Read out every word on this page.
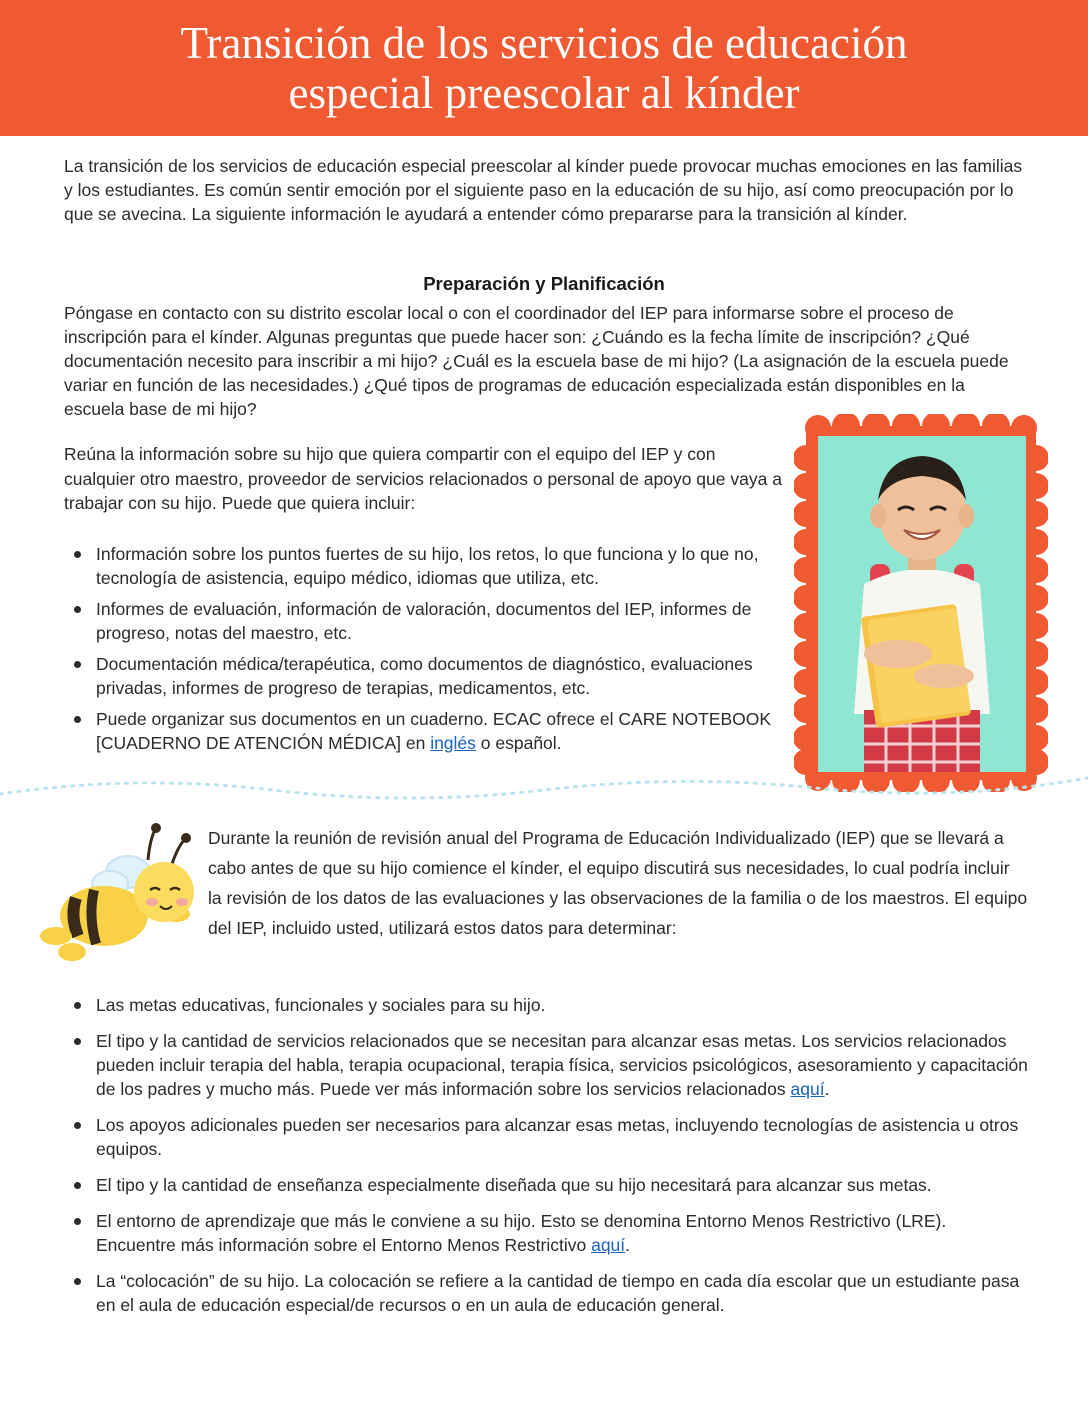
Transición de los servicios de educación
especial preescolar al kínder

La transición de los servicios de educación especial preescolar al kínder puede provocar muchas emociones en las familias y los estudiantes. Es común sentir emoción por el siguiente paso en la educación de su hijo, así como preocupación por lo que se avecina. La siguiente información le ayudará a entender cómo prepararse para la transición al kínder.

Preparación y Planificación

Póngase en contacto con su distrito escolar local o con el coordinador del IEP para informarse sobre el proceso de inscripción para el kínder. Algunas preguntas que puede hacer son: ¿Cuándo es la fecha límite de inscripción? ¿Qué documentación necesito para inscribir a mi hijo? ¿Cuál es la escuela base de mi hijo? (La asignación de la escuela puede variar en función de las necesidades.) ¿Qué tipos de programas de educación especializada están disponibles en la escuela base de mi hijo?

Reúna la información sobre su hijo que quiera compartir con el equipo del IEP y con cualquier otro maestro, proveedor de servicios relacionados o personal de apoyo que vaya a trabajar con su hijo. Puede que quiera incluir:

Información sobre los puntos fuertes de su hijo, los retos, lo que funciona y lo que no, tecnología de asistencia, equipo médico, idiomas que utiliza, etc.
Informes de evaluación, información de valoración, documentos del IEP, informes de progreso, notas del maestro, etc.
Documentación médica/terapéutica, como documentos de diagnóstico, evaluaciones privadas, informes de progreso de terapias, medicamentos, etc.
Puede organizar sus documentos en un cuaderno. ECAC ofrece el CARE NOTEBOOK [CUADERNO DE ATENCIÓN MÉDICA] en inglés o español.

Durante la reunión de revisión anual del Programa de Educación Individualizado (IEP) que se llevará a cabo antes de que su hijo comience el kínder, el equipo discutirá sus necesidades, lo cual podría incluir la revisión de los datos de las evaluaciones y las observaciones de la familia o de los maestros. El equipo del IEP, incluido usted, utilizará estos datos para determinar:

Las metas educativas, funcionales y sociales para su hijo.
El tipo y la cantidad de servicios relacionados que se necesitan para alcanzar esas metas. Los servicios relacionados pueden incluir terapia del habla, terapia ocupacional, terapia física, servicios psicológicos, asesoramiento y capacitación de los padres y mucho más. Puede ver más información sobre los servicios relacionados aquí.
Los apoyos adicionales pueden ser necesarios para alcanzar esas metas, incluyendo tecnologías de asistencia u otros equipos.
El tipo y la cantidad de enseñanza especialmente diseñada que su hijo necesitará para alcanzar sus metas.
El entorno de aprendizaje que más le conviene a su hijo. Esto se denomina Entorno Menos Restrictivo (LRE). Encuentre más información sobre el Entorno Menos Restrictivo aquí.
La “colocación” de su hijo. La colocación se refiere a la cantidad de tiempo en cada día escolar que un estudiante pasa en el aula de educación especial/de recursos o en un aula de educación general.
